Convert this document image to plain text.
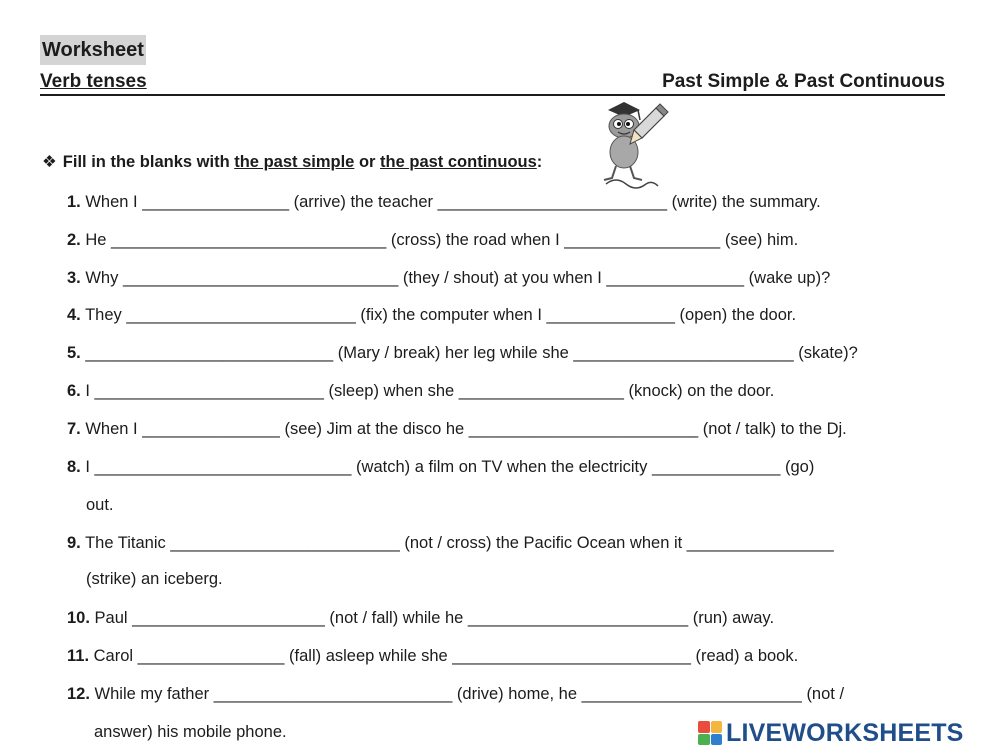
Worksheet
Verb tenses	Past Simple & Past Continuous
❖ Fill in the blanks with the past simple or the past continuous:
1. When I ________________ (arrive) the teacher _________________________ (write) the summary.
2. He ______________________________ (cross) the road when I _________________ (see) him.
3. Why ______________________________ (they / shout) at you when I _______________ (wake up)?
4. They _________________________ (fix) the computer when I ______________ (open) the door.
5. ___________________________ (Mary / break) her leg while she ________________________ (skate)?
6. I _________________________ (sleep) when she __________________ (knock) on the door.
7. When I _______________ (see) Jim at the disco he _________________________ (not / talk) to the Dj.
8. I ____________________________ (watch) a film on TV when the electricity ______________ (go)
out.
9. The Titanic _________________________ (not / cross) the Pacific Ocean when it ________________
(strike) an iceberg.
10. Paul _____________________ (not / fall) while he ________________________ (run) away.
11. Carol ________________ (fall) asleep while she __________________________ (read) a book.
12. While my father __________________________ (drive) home, he ________________________ (not /
answer) his mobile phone.	LIVEWORKSHEETS
